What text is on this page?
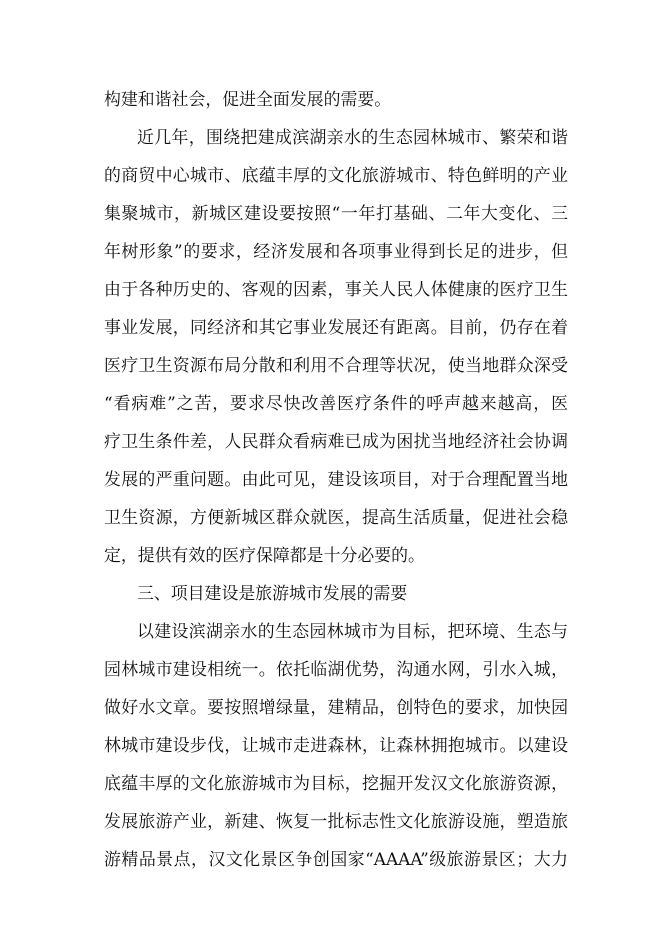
构建和谐社会，促进全面发展的需要。
近几年，围绕把建成滨湖亲水的生态园林城市、繁荣和谐
的商贸中心城市、底蕴丰厚的文化旅游城市、特色鲜明的产业
集聚城市，新城区建设要按照“一年打基础、二年大变化、三
年树形象”的要求，经济发展和各项事业得到长足的进步，但
由于各种历史的、客观的因素，事关人民人体健康的医疗卫生
事业发展，同经济和其它事业发展还有距离。目前，仍存在着
医疗卫生资源布局分散和利用不合理等状况，使当地群众深受
“看病难”之苦，要求尽快改善医疗条件的呼声越来越高，医
疗卫生条件差，人民群众看病难已成为困扰当地经济社会协调
发展的严重问题。由此可见，建设该项目，对于合理配置当地
卫生资源，方便新城区群众就医，提高生活质量，促进社会稳
定，提供有效的医疗保障都是十分必要的。
三、项目建设是旅游城市发展的需要
以建设滨湖亲水的生态园林城市为目标，把环境、生态与
园林城市建设相统一。依托临湖优势，沟通水网，引水入城，
做好水文章。要按照增绿量，建精品，创特色的要求，加快园
林城市建设步伐，让城市走进森林，让森林拥抱城市。以建设
底蕴丰厚的文化旅游城市为目标，挖掘开发汉文化旅游资源，
发展旅游产业，新建、恢复一批标志性文化旅游设施，塑造旅
游精品景点，汉文化景区争创国家“AAAA”级旅游景区；大力
